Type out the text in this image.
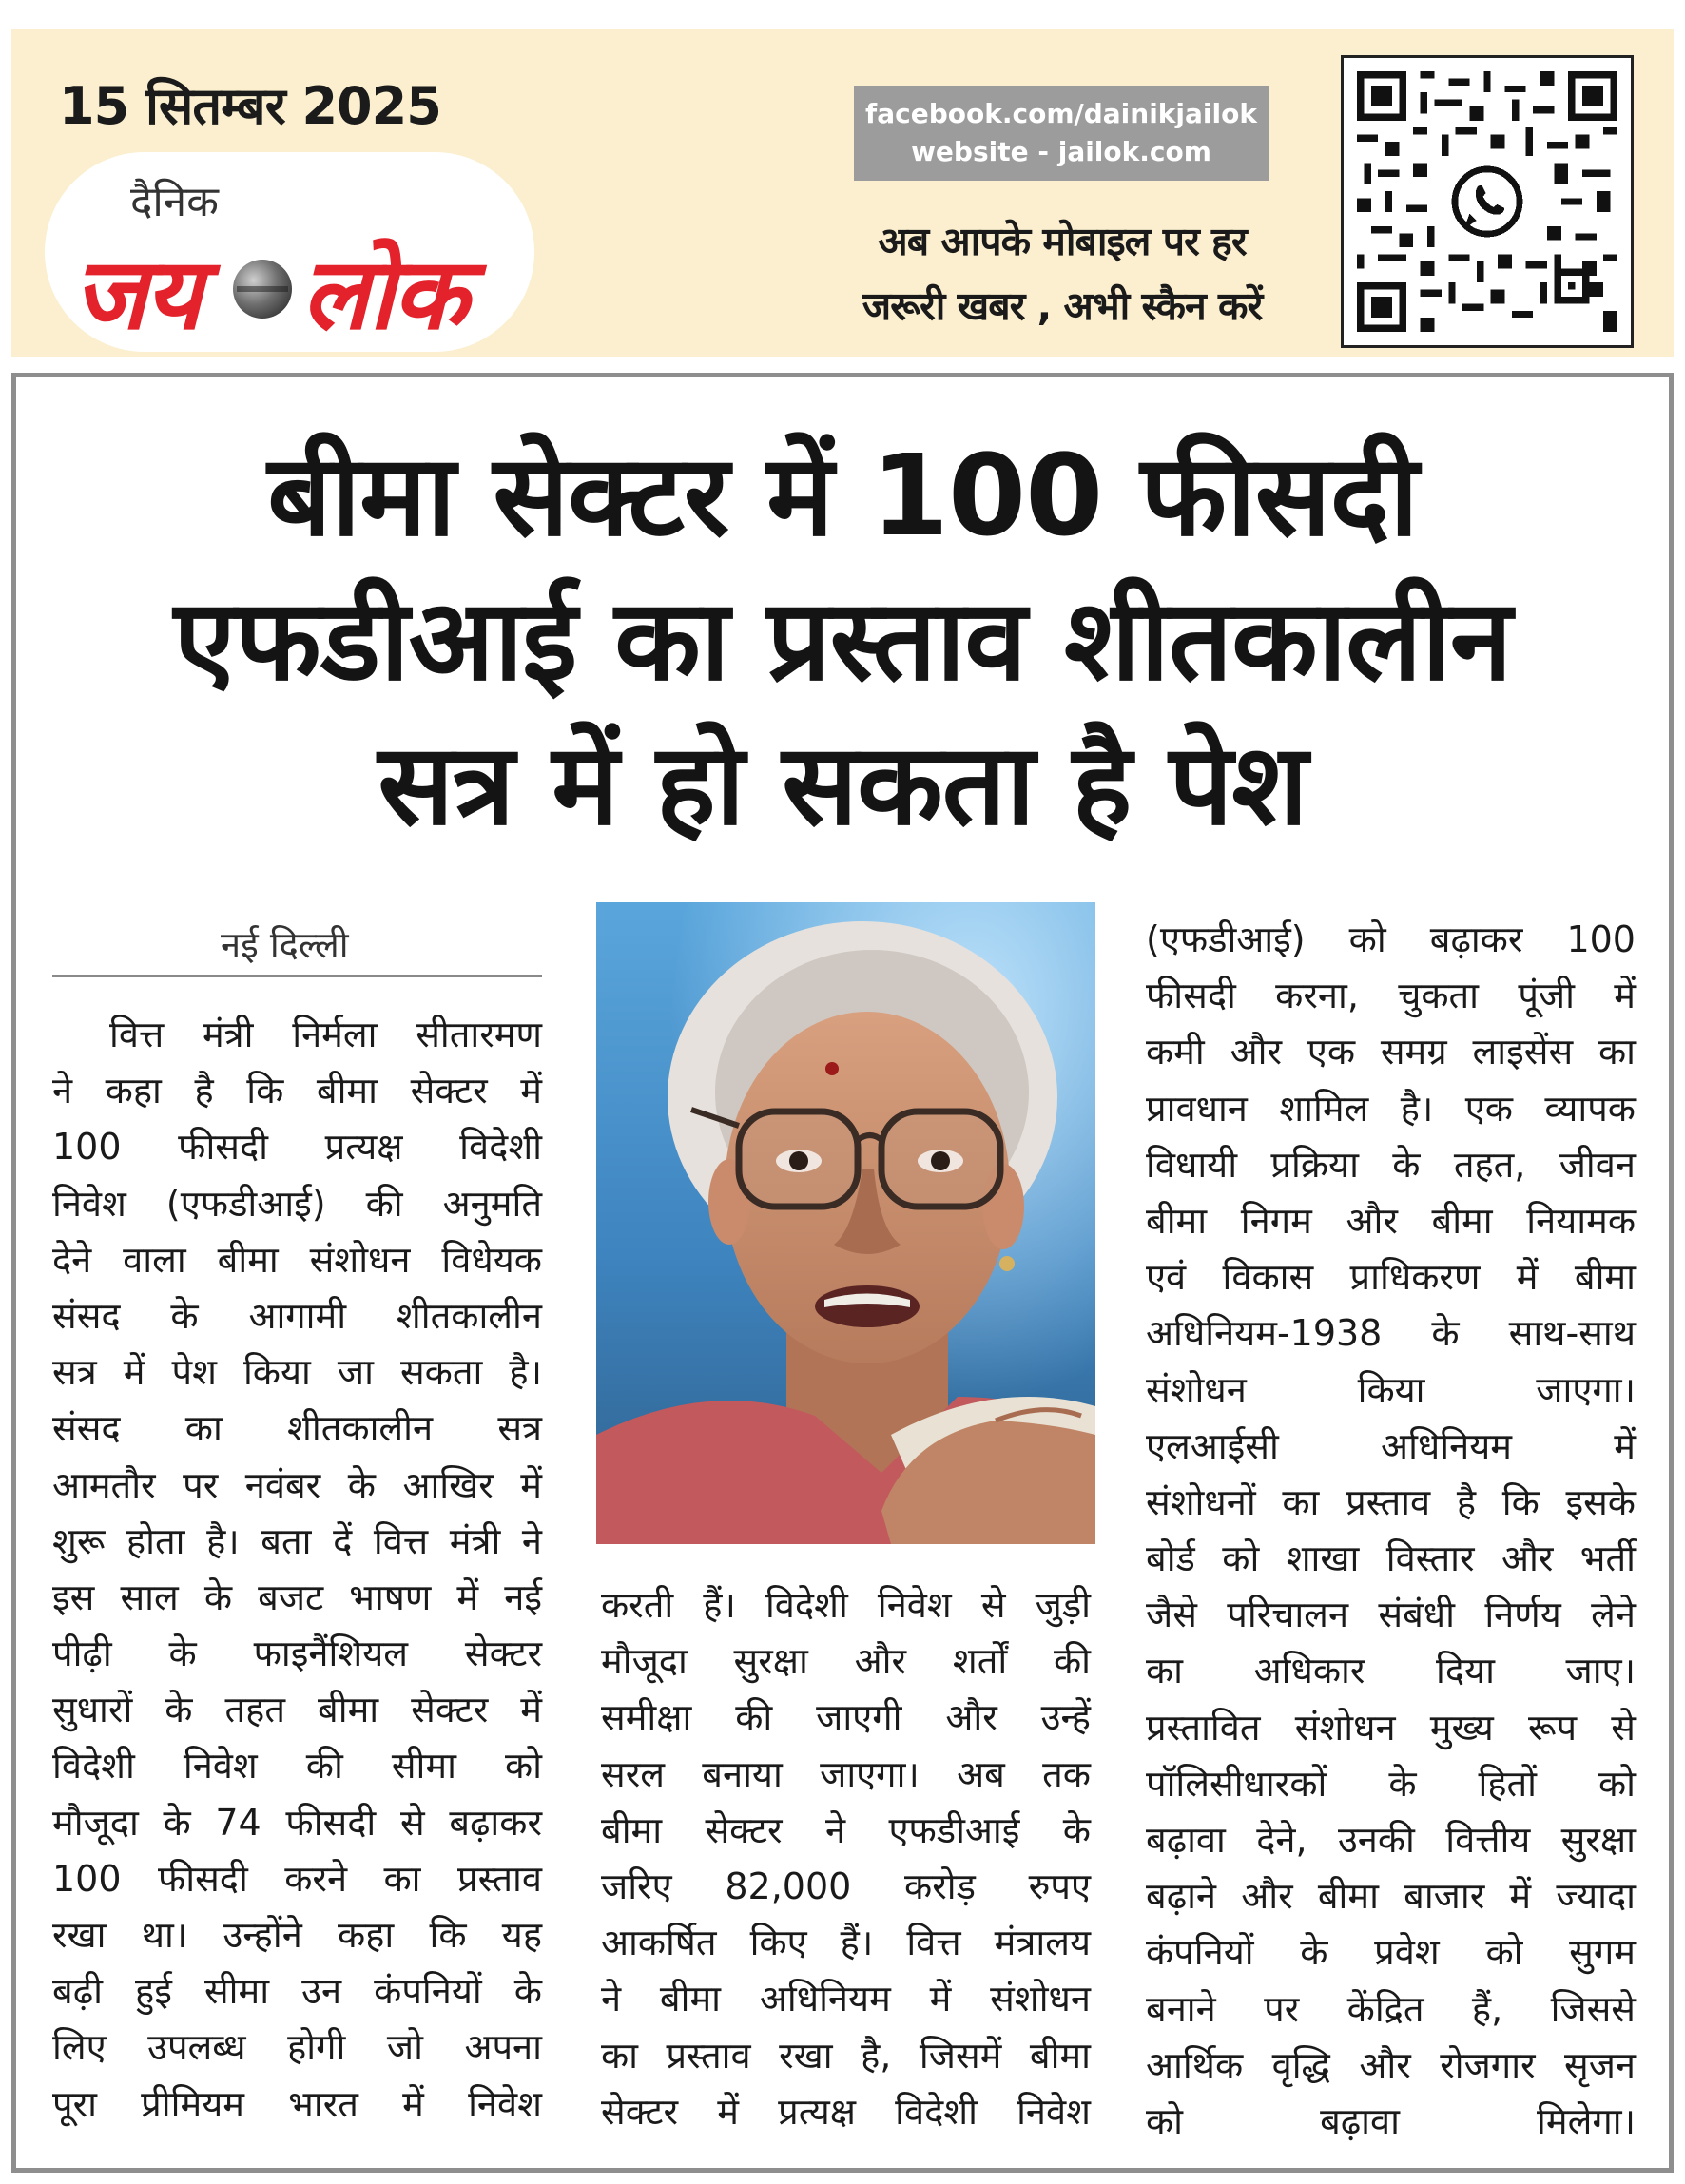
15 सितम्बर 2025
दैनिक
जय लोक
facebook.com/dainikjailok
website - jailok.com
अब आपके मोबाइल पर हर
जरूरी खबर , अभी स्कैन करें
बीमा सेक्टर में 100 फीसदी
एफडीआई का प्रस्ताव शीतकालीन
सत्र में हो सकता है पेश
नई दिल्ली
वित्त मंत्री निर्मला सीतारमण
ने कहा है कि बीमा सेक्टर में
100 फीसदी प्रत्यक्ष विदेशी
निवेश (एफडीआई) की अनुमति
देने वाला बीमा संशोधन विधेयक
संसद के आगामी शीतकालीन
सत्र में पेश किया जा सकता है।
संसद का शीतकालीन सत्र
आमतौर पर नवंबर के आखिर में
शुरू होता है। बता दें वित्त मंत्री ने
इस साल के बजट भाषण में नई
पीढ़ी के फाइनैंशियल सेक्टर
सुधारों के तहत बीमा सेक्टर में
विदेशी निवेश की सीमा को
मौजूदा के 74 फीसदी से बढ़ाकर
100 फीसदी करने का प्रस्ताव
रखा था। उन्होंने कहा कि यह
बढ़ी हुई सीमा उन कंपनियों के
लिए उपलब्ध होगी जो अपना
पूरा प्रीमियम भारत में निवेश
करती हैं। विदेशी निवेश से जुड़ी
मौजूदा सुरक्षा और शर्तों की
समीक्षा की जाएगी और उन्हें
सरल बनाया जाएगा। अब तक
बीमा सेक्टर ने एफडीआई के
जरिए 82,000 करोड़ रुपए
आकर्षित किए हैं। वित्त मंत्रालय
ने बीमा अधिनियम में संशोधन
का प्रस्ताव रखा है, जिसमें बीमा
सेक्टर में प्रत्यक्ष विदेशी निवेश
(एफडीआई) को बढ़ाकर 100
फीसदी करना, चुकता पूंजी में
कमी और एक समग्र लाइसेंस का
प्रावधान शामिल है। एक व्यापक
विधायी प्रक्रिया के तहत, जीवन
बीमा निगम और बीमा नियामक
एवं विकास प्राधिकरण में बीमा
अधिनियम-1938 के साथ-साथ
संशोधन किया जाएगा।
एलआईसी अधिनियम में
संशोधनों का प्रस्ताव है कि इसके
बोर्ड को शाखा विस्तार और भर्ती
जैसे परिचालन संबंधी निर्णय लेने
का अधिकार दिया जाए।
प्रस्तावित संशोधन मुख्य रूप से
पॉलिसीधारकों के हितों को
बढ़ावा देने, उनकी वित्तीय सुरक्षा
बढ़ाने और बीमा बाजार में ज्यादा
कंपनियों के प्रवेश को सुगम
बनाने पर केंद्रित हैं, जिससे
आर्थिक वृद्धि और रोजगार सृजन
को बढ़ावा मिलेगा।
